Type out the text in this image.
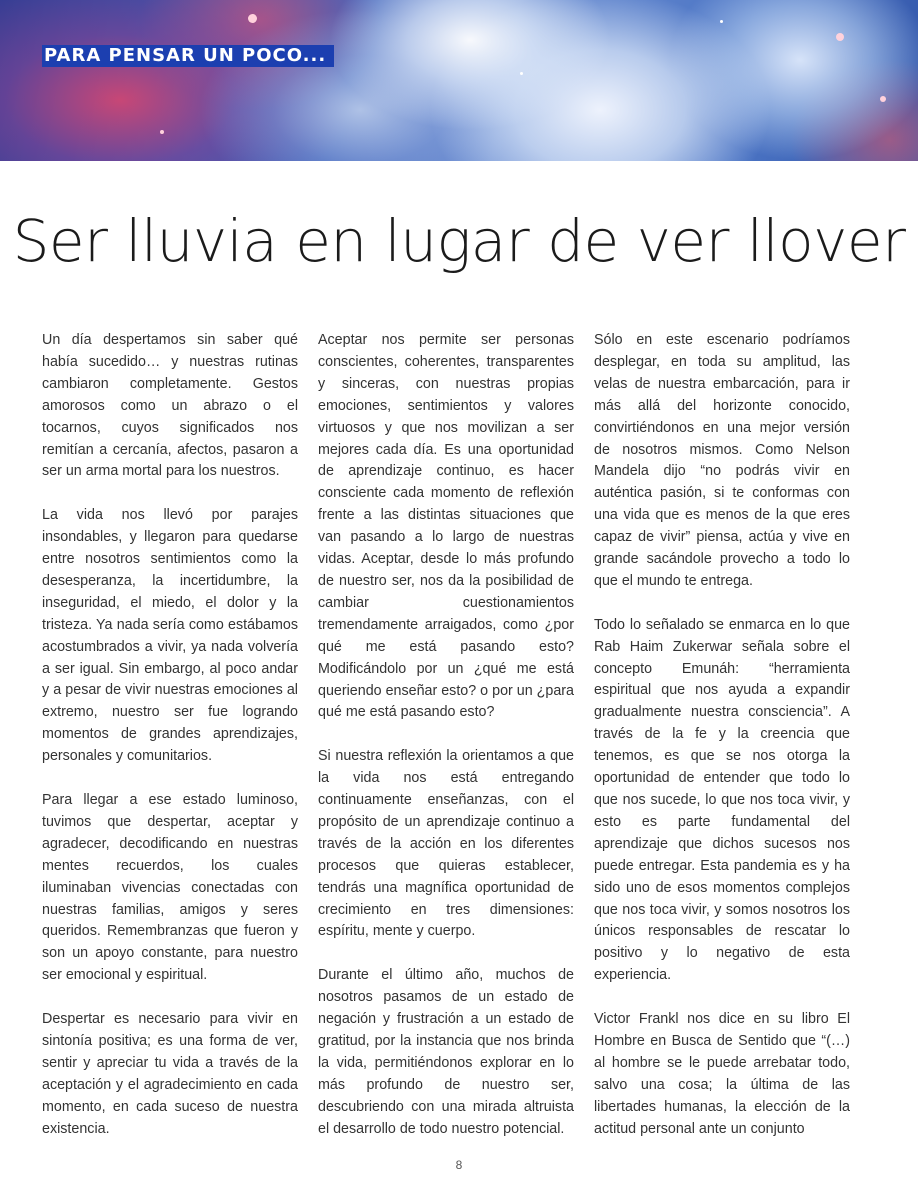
PARA PENSAR UN POCO...
Ser lluvia en lugar de ver llover

Un día despertamos sin saber qué había sucedido… y nuestras rutinas cambiaron completamente. Gestos amorosos como un abrazo o el tocarnos, cuyos significados nos remitían a cercanía, afectos, pasaron a ser un arma mortal para los nuestros.

La vida nos llevó por parajes insondables, y llegaron para quedarse entre nosotros sentimientos como la desesperanza, la incertidumbre, la inseguridad, el miedo, el dolor y la tristeza. Ya nada sería como estábamos acostumbrados a vivir, ya nada volvería a ser igual. Sin embargo, al poco andar y a pesar de vivir nuestras emociones al extremo, nuestro ser fue logrando momentos de grandes aprendizajes, personales y comunitarios.

Para llegar a ese estado luminoso, tuvimos que despertar, aceptar y agradecer, decodificando en nuestras mentes recuerdos, los cuales iluminaban vivencias conectadas con nuestras familias, amigos y seres queridos. Remembranzas que fueron y son un apoyo constante, para nuestro ser emocional y espiritual.

Despertar es necesario para vivir en sintonía positiva; es una forma de ver, sentir y apreciar tu vida a través de la aceptación y el agradecimiento en cada momento, en cada suceso de nuestra existencia.

Aceptar nos permite ser personas conscientes, coherentes, transparentes y sinceras, con nuestras propias emociones, sentimientos y valores virtuosos y que nos movilizan a ser mejores cada día. Es una oportunidad de aprendizaje continuo, es hacer consciente cada momento de reflexión frente a las distintas situaciones que van pasando a lo largo de nuestras vidas. Aceptar, desde lo más profundo de nuestro ser, nos da la posibilidad de cambiar cuestionamientos tremendamente arraigados, como ¿por qué me está pasando esto? Modificándolo por un ¿qué me está queriendo enseñar esto? o por un ¿para qué me está pasando esto?

Si nuestra reflexión la orientamos a que la vida nos está entregando continuamente enseñanzas, con el propósito de un aprendizaje continuo a través de la acción en los diferentes procesos que quieras establecer, tendrás una magnífica oportunidad de crecimiento en tres dimensiones: espíritu, mente y cuerpo.

Durante el último año, muchos de nosotros pasamos de un estado de negación y frustración a un estado de gratitud, por la instancia que nos brinda la vida, permitiéndonos explorar en lo más profundo de nuestro ser, descubriendo con una mirada altruista el desarrollo de todo nuestro potencial.

Sólo en este escenario podríamos desplegar, en toda su amplitud, las velas de nuestra embarcación, para ir más allá del horizonte conocido, convirtiéndonos en una mejor versión de nosotros mismos. Como Nelson Mandela dijo “no podrás vivir en auténtica pasión, si te conformas con una vida que es menos de la que eres capaz de vivir” piensa, actúa y vive en grande sacándole provecho a todo lo que el mundo te entrega.

Todo lo señalado se enmarca en lo que Rab Haim Zukerwar señala sobre el concepto Emunáh: “herramienta espiritual que nos ayuda a expandir gradualmente nuestra consciencia”. A través de la fe y la creencia que tenemos, es que se nos otorga la oportunidad de entender que todo lo que nos sucede, lo que nos toca vivir, y esto es parte fundamental del aprendizaje que dichos sucesos nos puede entregar. Esta pandemia es y ha sido uno de esos momentos complejos que nos toca vivir, y somos nosotros los únicos responsables de rescatar lo positivo y lo negativo de esta experiencia.

Victor Frankl nos dice en su libro El Hombre en Busca de Sentido que “(…) al hombre se le puede arrebatar todo, salvo una cosa; la última de las libertades humanas, la elección de la actitud personal ante un conjunto

8
